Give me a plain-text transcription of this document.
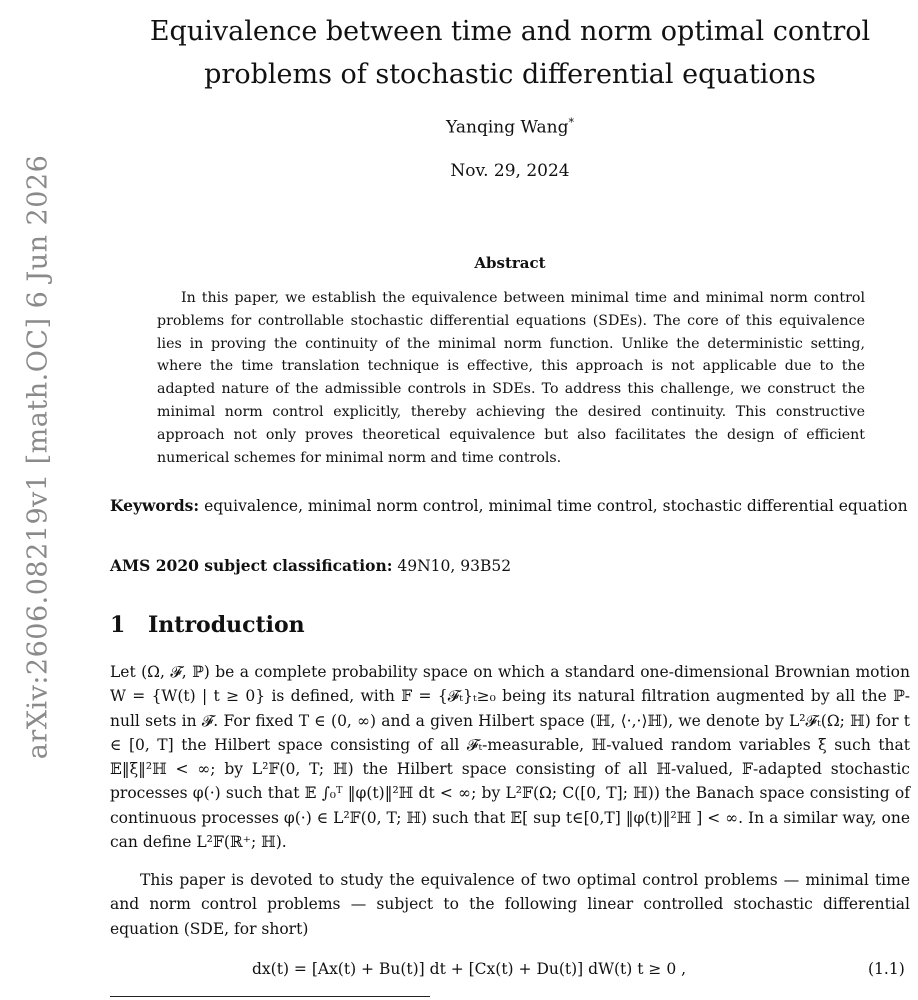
arXiv:2606.08219v1 [math.OC] 6 Jun 2026
Equivalence between time and norm optimal control problems of stochastic differential equations
Yanqing Wang*
Nov. 29, 2024
Abstract

In this paper, we establish the equivalence between minimal time and minimal norm control problems for controllable stochastic differential equations (SDEs). The core of this equivalence lies in proving the continuity of the minimal norm function. Unlike the deterministic setting, where the time translation technique is effective, this approach is not applicable due to the adapted nature of the admissible controls in SDEs. To address this challenge, we construct the minimal norm control explicitly, thereby achieving the desired continuity. This constructive approach not only proves theoretical equivalence but also facilitates the design of efficient numerical schemes for minimal norm and time controls.

Keywords: equivalence, minimal norm control, minimal time control, stochastic differential equation

AMS 2020 subject classification: 49N10, 93B52

1 Introduction

Let (Ω, 𝓕, ℙ) be a complete probability space on which a standard one-dimensional Brownian motion W = {W(t) | t ≥ 0} is defined, with 𝔽 = {𝓕ₜ}ₜ≥₀ being its natural filtration augmented by all the ℙ-null sets in 𝓕. For fixed T ∈ (0, ∞) and a given Hilbert space (ℍ, ⟨·,·⟩ℍ), we denote by L²𝓕ₜ(Ω; ℍ) for t ∈ [0, T] the Hilbert space consisting of all 𝓕ₜ-measurable, ℍ-valued random variables ξ such that 𝔼‖ξ‖²ℍ < ∞; by L²𝔽(0, T; ℍ) the Hilbert space consisting of all ℍ-valued, 𝔽-adapted stochastic processes φ(·) such that 𝔼 ∫₀ᵀ ‖φ(t)‖²ℍ dt < ∞; by L²𝔽(Ω; C([0, T]; ℍ)) the Banach space consisting of continuous processes φ(·) ∈ L²𝔽(0, T; ℍ) such that 𝔼[ sup t∈[0,T] ‖φ(t)‖²ℍ ] < ∞. In a similar way, one can define L²𝔽(ℝ⁺; ℍ).

This paper is devoted to study the equivalence of two optimal control problems — minimal time and norm control problems — subject to the following linear controlled stochastic differential equation (SDE, for short)

dx(t) = [Ax(t) + Bu(t)] dt + [Cx(t) + Du(t)] dW(t) t ≥ 0 ,	(1.1)
